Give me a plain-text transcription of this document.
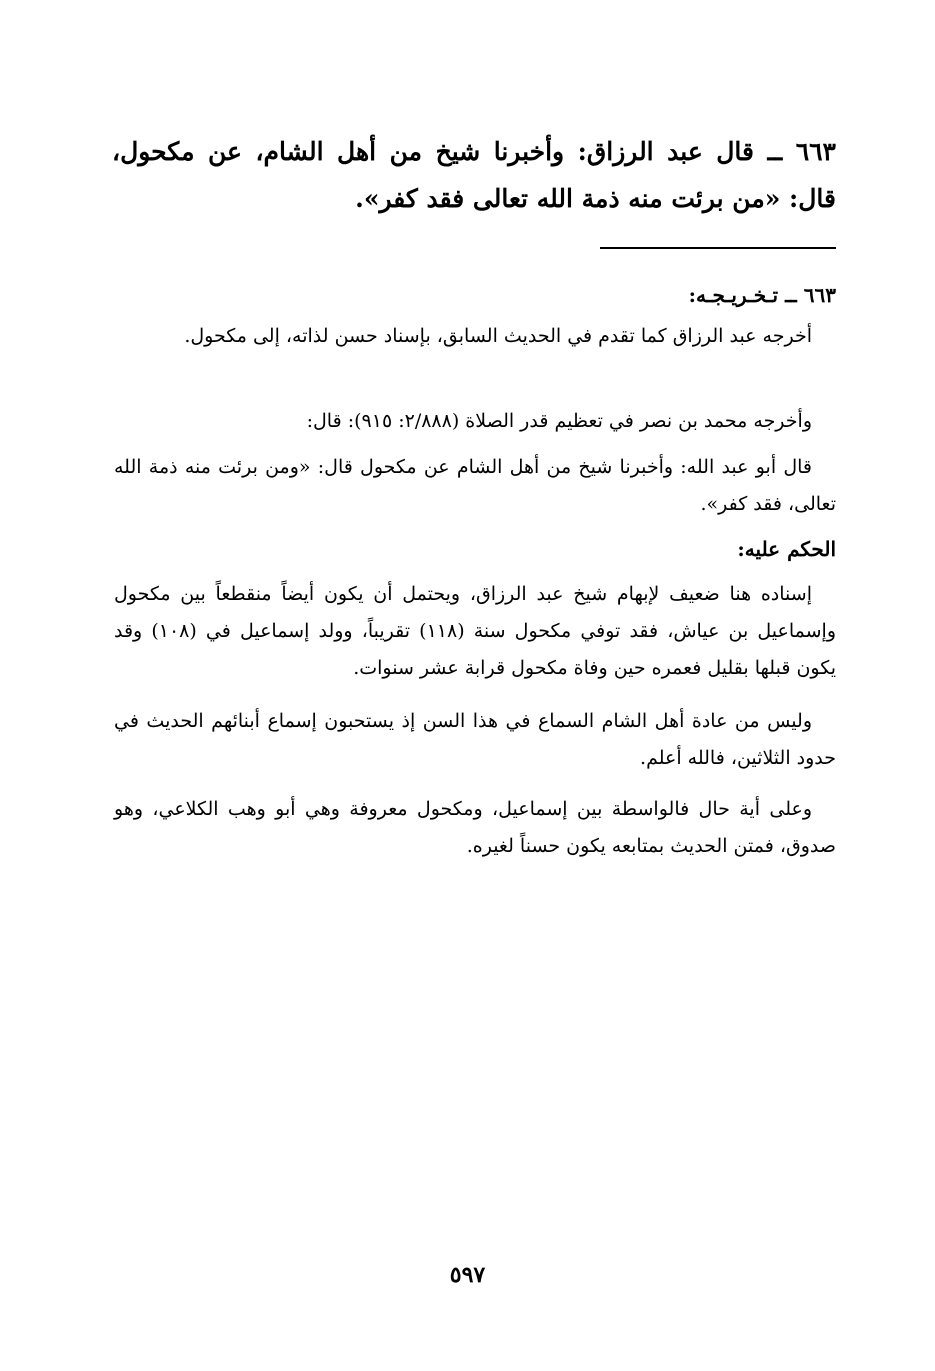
٦٦٣ ــ قال عبد الرزاق: وأخبرنا شيخ من أهل الشام، عن مكحول، قال: «من برئت منه ذمة الله تعالى فقد كفر».

٦٦٣ ــ تـخـريـجـه:

أخرجه عبد الرزاق كما تقدم في الحديث السابق، بإسناد حسن لذاته، إلى مكحول.

وأخرجه محمد بن نصر في تعظيم قدر الصلاة (٢/٨٨٨: ٩١٥): قال:

قال أبو عبد الله: وأخبرنا شيخ من أهل الشام عن مكحول قال: «ومن برئت منه ذمة الله تعالى، فقد كفر».

الحكم عليه:

إسناده هنا ضعيف لإبهام شيخ عبد الرزاق، ويحتمل أن يكون أيضاً منقطعاً بين مكحول وإسماعيل بن عياش، فقد توفي مكحول سنة (١١٨) تقريباً، وولد إسماعيل في (١٠٨) وقد يكون قبلها بقليل فعمره حين وفاة مكحول قرابة عشر سنوات.

وليس من عادة أهل الشام السماع في هذا السن إذ يستحبون إسماع أبنائهم الحديث في حدود الثلاثين، فالله أعلم.

وعلى أية حال فالواسطة بين إسماعيل، ومكحول معروفة وهي أبو وهب الكلاعي، وهو صدوق، فمتن الحديث بمتابعه يكون حسناً لغيره.

٥٩٧
